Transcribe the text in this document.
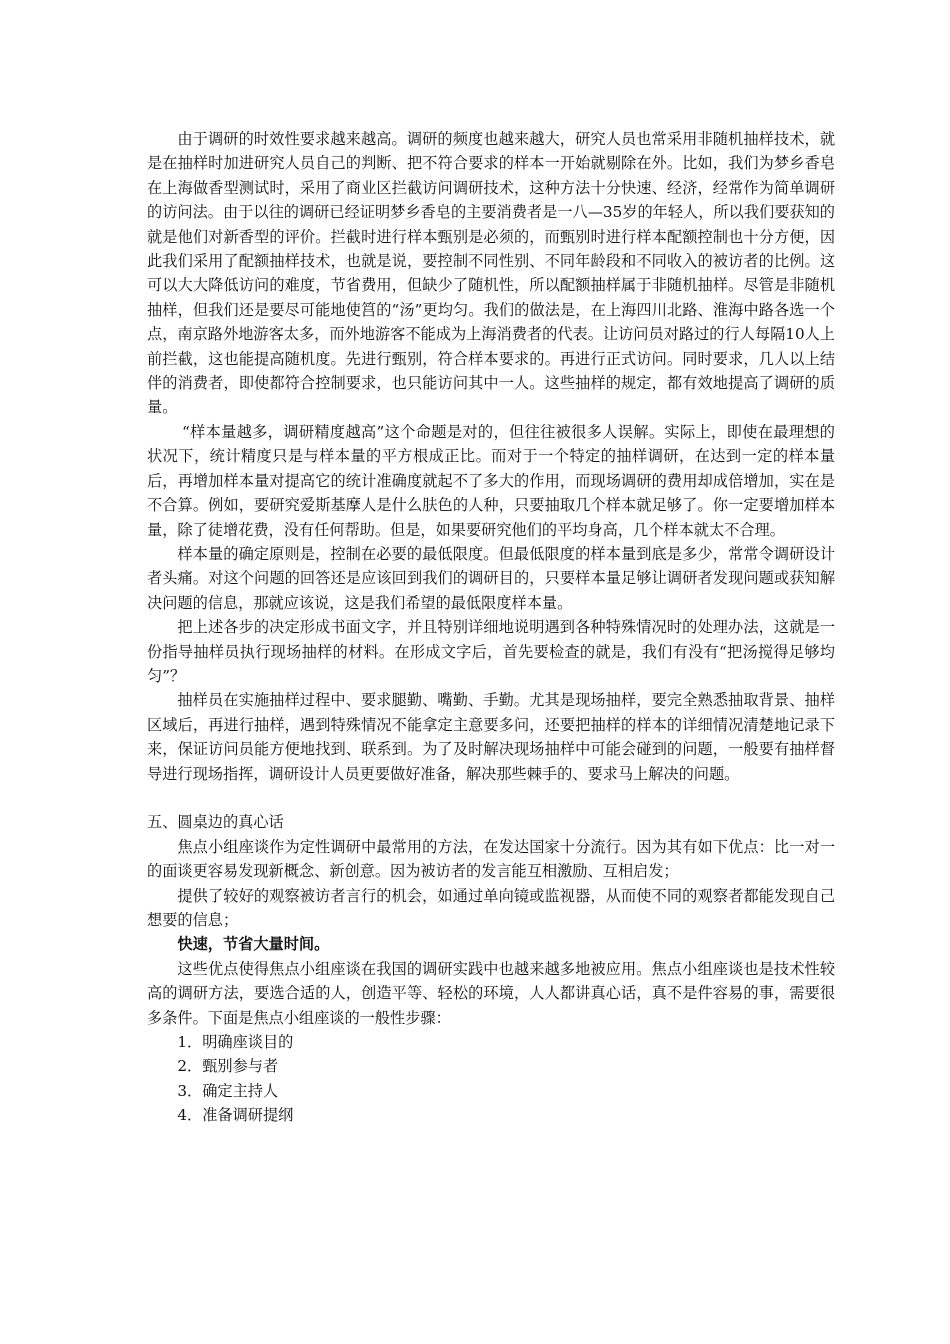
由于调研的时效性要求越来越高。调研的频度也越来越大，研究人员也常采用非随机抽样技术，就是在抽样时加进研究人员自己的判断、把不符合要求的样本一开始就剔除在外。比如，我们为梦乡香皂在上海做香型测试时，采用了商业区拦截访问调研技术，这种方法十分快速、经济，经常作为简单调研的访问法。由于以往的调研已经证明梦乡香皂的主要消费者是一八—35岁的年轻人，所以我们要获知的就是他们对新香型的评价。拦截时进行样本甄别是必须的，而甄别时进行样本配额控制也十分方便，因此我们采用了配额抽样技术，也就是说，要控制不同性别、不同年龄段和不同收入的被访者的比例。这可以大大降低访问的难度，节省费用，但缺少了随机性，所以配额抽样属于非随机抽样。尽管是非随机抽样，但我们还是要尽可能地使筥的“汤”更均匀。我们的做法是，在上海四川北路、淮海中路各选一个点，南京路外地游客太多，而外地游客不能成为上海消费者的代表。让访问员对路过的行人每隔10人上前拦截，这也能提高随机度。先进行甄别，符合样本要求的。再进行正式访问。同时要求，几人以上结伴的消费者，即使都符合控制要求，也只能访问其中一人。这些抽样的规定，都有效地提高了调研的质量。

“样本量越多，调研精度越高”这个命题是对的，但往往被很多人误解。实际上，即使在最理想的状况下，统计精度只是与样本量的平方根成正比。而对于一个特定的抽样调研，在达到一定的样本量后，再增加样本量对提高它的统计准确度就起不了多大的作用，而现场调研的费用却成倍增加，实在是不合算。例如，要研究爱斯基摩人是什么肤色的人种，只要抽取几个样本就足够了。你一定要增加样本量，除了徒增花费，没有任何帮助。但是，如果要研究他们的平均身高，几个样本就太不合理。

样本量的确定原则是，控制在必要的最低限度。但最低限度的样本量到底是多少，常常令调研设计者头痛。对这个问题的回答还是应该回到我们的调研目的，只要样本量足够让调研者发现问题或获知解决问题的信息，那就应该说，这是我们希望的最低限度样本量。

把上述各步的决定形成书面文字，并且特别详细地说明遇到各种特殊情况时的处理办法，这就是一份指导抽样员执行现场抽样的材料。在形成文字后，首先要检查的就是，我们有没有“把汤搅得足够均匀”？

抽样员在实施抽样过程中、要求腿勤、嘴勤、手勤。尤其是现场抽样，要完全熟悉抽取背景、抽样区域后，再进行抽样，遇到特殊情况不能拿定主意要多问，还要把抽样的样本的详细情况清楚地记录下来，保证访问员能方便地找到、联系到。为了及时解决现场抽样中可能会碰到的问题，一般要有抽样督导进行现场指挥，调研设计人员更要做好准备，解决那些棘手的、要求马上解决的问题。

五、圆桌边的真心话

焦点小组座谈作为定性调研中最常用的方法，在发达国家十分流行。因为其有如下优点：比一对一的面谈更容易发现新概念、新创意。因为被访者的发言能互相激励、互相启发；

提供了较好的观察被访者言行的机会，如通过单向镜或监视器，从而使不同的观察者都能发现自己想要的信息；

快速，节省大量时间。

这些优点使得焦点小组座谈在我国的调研实践中也越来越多地被应用。焦点小组座谈也是技术性较高的调研方法，要选合适的人，创造平等、轻松的环境，人人都讲真心话，真不是件容易的事，需要很多条件。下面是焦点小组座谈的一般性步骤：

1．明确座谈目的
2．甄别参与者
3．确定主持人
4．准备调研提纲
